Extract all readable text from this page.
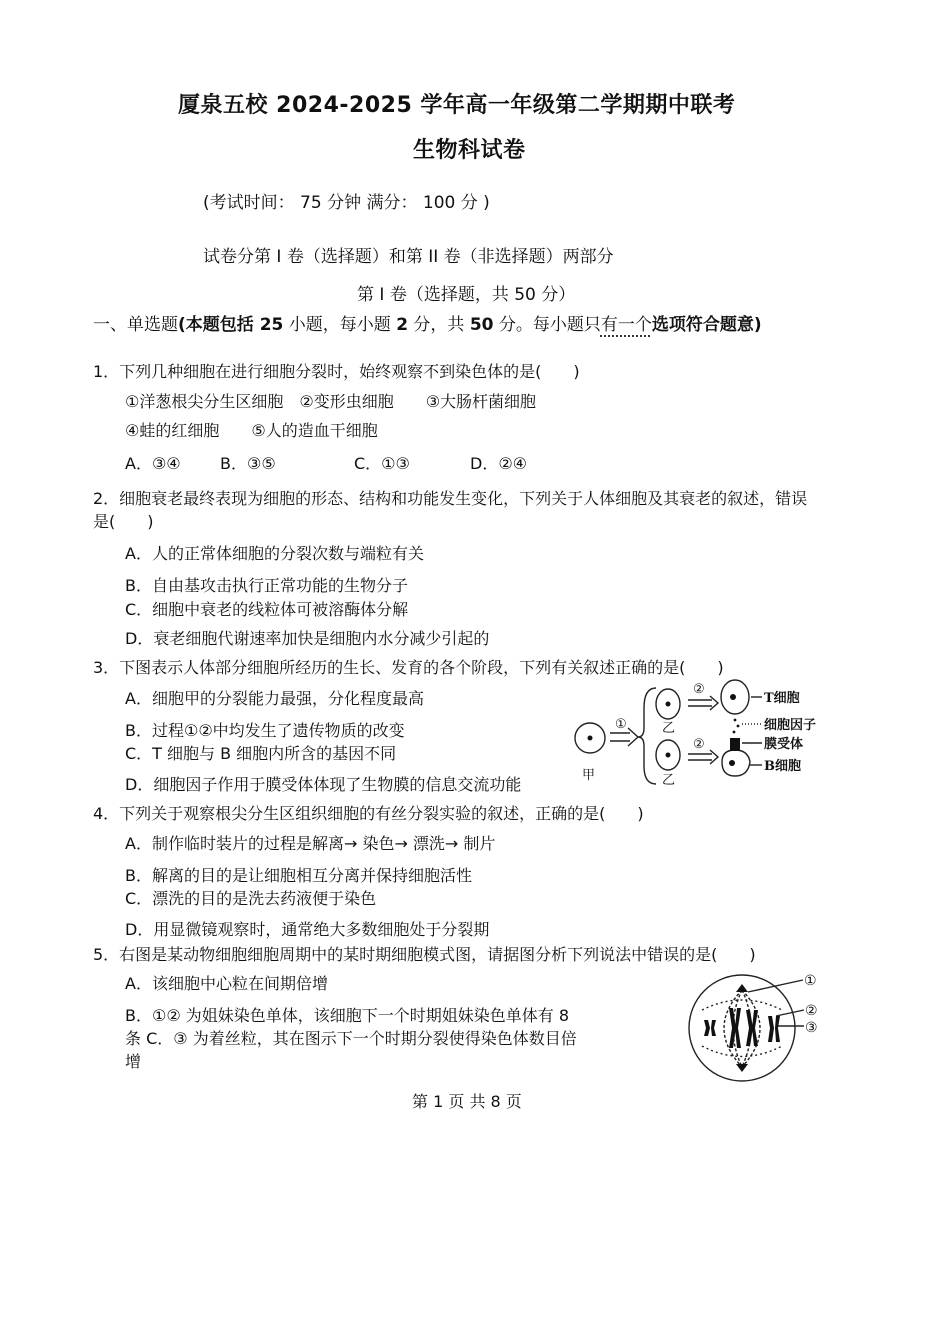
厦泉五校 2024-2025 学年高一年级第二学期期中联考
生物科试卷
(考试时间： 75 分钟 满分： 100 分 )
试卷分第 I 卷（选择题）和第 II 卷（非选择题）两部分
第 I 卷（选择题，共 50 分）
一、单选题(本题包括 25 小题，每小题 2 分，共 50 分。每小题只有一个选项符合题意)
1．下列几种细胞在进行细胞分裂时，始终观察不到染色体的是(　　)
①洋葱根尖分生区细胞　②变形虫细胞　　③大肠杆菌细胞
④蛙的红细胞　　⑤人的造血干细胞
A．③④ B．③⑤	C．①③	D．②④
2．细胞衰老最终表现为细胞的形态、结构和功能发生变化，下列关于人体细胞及其衰老的叙述，错误
是(　　)
A．人的正常体细胞的分裂次数与端粒有关
B．自由基攻击执行正常功能的生物分子
C．细胞中衰老的线粒体可被溶酶体分解
D．衰老细胞代谢速率加快是细胞内水分减少引起的
3．下图表示人体部分细胞所经历的生长、发育的各个阶段，下列有关叙述正确的是(　　)
A．细胞甲的分裂能力最强，分化程度最高
B．过程①②中均发生了遗传物质的改变
C．T 细胞与 B 细胞内所含的基因不同
D．细胞因子作用于膜受体体现了生物膜的信息交流功能	甲
①	乙
乙
②
②
T细胞
细胞因子
膜受体
B细胞
4．下列关于观察根尖分生区组织细胞的有丝分裂实验的叙述，正确的是(　　)
A．制作临时装片的过程是解离→ 染色→ 漂洗→ 制片
B．解离的目的是让细胞相互分离并保持细胞活性
C．漂洗的目的是洗去药液便于染色
D．用显微镜观察时，通常绝大多数细胞处于分裂期
5．右图是某动物细胞细胞周期中的某时期细胞模式图，请据图分析下列说法中错误的是(　　)
A．该细胞中心粒在间期倍增
B．①② 为姐妹染色单体，该细胞下一个时期姐妹染色单体有 8
条 C．③ 为着丝粒，其在图示下一个时期分裂使得染色体数目倍
增
①
②
③
第 1 页 共 8 页
